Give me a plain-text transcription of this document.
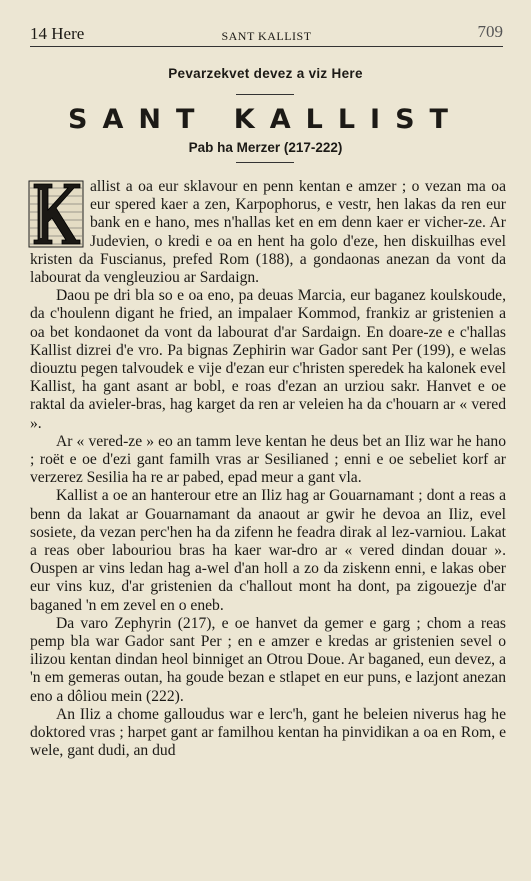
14 Here	SANT KALLIST	709
Pevarzekvet devez a viz Here
SANT KALLIST
Pab ha Merzer (217-222)

allist a oa eur sklavour en penn kentan e amzer ; o vezan ma oa eur spered kaer a zen, Karpophorus, e vestr, hen lakas da ren eur bank en e hano, mes n'hallas ket en em denn kaer er vicher-ze. Ar Judevien, o kredi e oa en hent ha golo d'eze, hen diskuilhas evel kristen da Fuscianus, prefed Rom (188), a gondaonas anezan da vont da labourat da vengleuziou ar Sardaign.

Daou pe dri bla so e oa eno, pa deuas Marcia, eur baganez koulskoude, da c'houlenn digant he fried, an impalaer Kommod, frankiz ar gristenien a oa bet kondaonet da vont da labourat d'ar Sardaign. En doare-ze e c'hallas Kallist dizrei d'e vro. Pa bignas Zephirin war Gador sant Per (199), e welas diouztu pegen talvoudek e vije d'ezan eur c'hristen speredek ha kalonek evel Kallist, ha gant asant ar bobl, e roas d'ezan an urziou sakr. Hanvet e oe raktal da avieler-bras, hag karget da ren ar veleien ha da c'houarn ar « vered ».

Ar « vered-ze » eo an tamm leve kentan he deus bet an Iliz war he hano ; roët e oe d'ezi gant familh vras ar Sesilianed ; enni e oe sebeliet korf ar verzerez Sesilia ha re ar pabed, epad meur a gant vla.

Kallist a oe an hanterour etre an Iliz hag ar Gouarnamant ; dont a reas a benn da lakat ar Gouarnamant da anaout ar gwir he devoa an Iliz, evel sosiete, da vezan perc'hen ha da zifenn he feadra dirak al lez-varniou. Lakat a reas ober labouriou bras ha kaer war-dro ar « vered dindan douar ». Ouspen ar vins ledan hag a-wel d'an holl a zo da ziskenn enni, e lakas ober eur vins kuz, d'ar gristenien da c'hallout mont ha dont, pa zigouezje d'ar baganed 'n em zevel en o eneb.

Da varo Zephyrin (217), e oe hanvet da gemer e garg ; chom a reas pemp bla war Gador sant Per ; en e amzer e kredas ar gristenien sevel o ilizou kentan dindan heol binniget an Otrou Doue. Ar baganed, eun devez, a 'n em gemeras outan, ha goude bezan e stlapet en eur puns, e lazjont anezan eno a dôliou mein (222).

An Iliz a chome galloudus war e lerc'h, gant he beleien niverus hag he doktored vras ; harpet gant ar familhou kentan ha pinvidikan a oa en Rom, e wele, gant dudi, an dud
